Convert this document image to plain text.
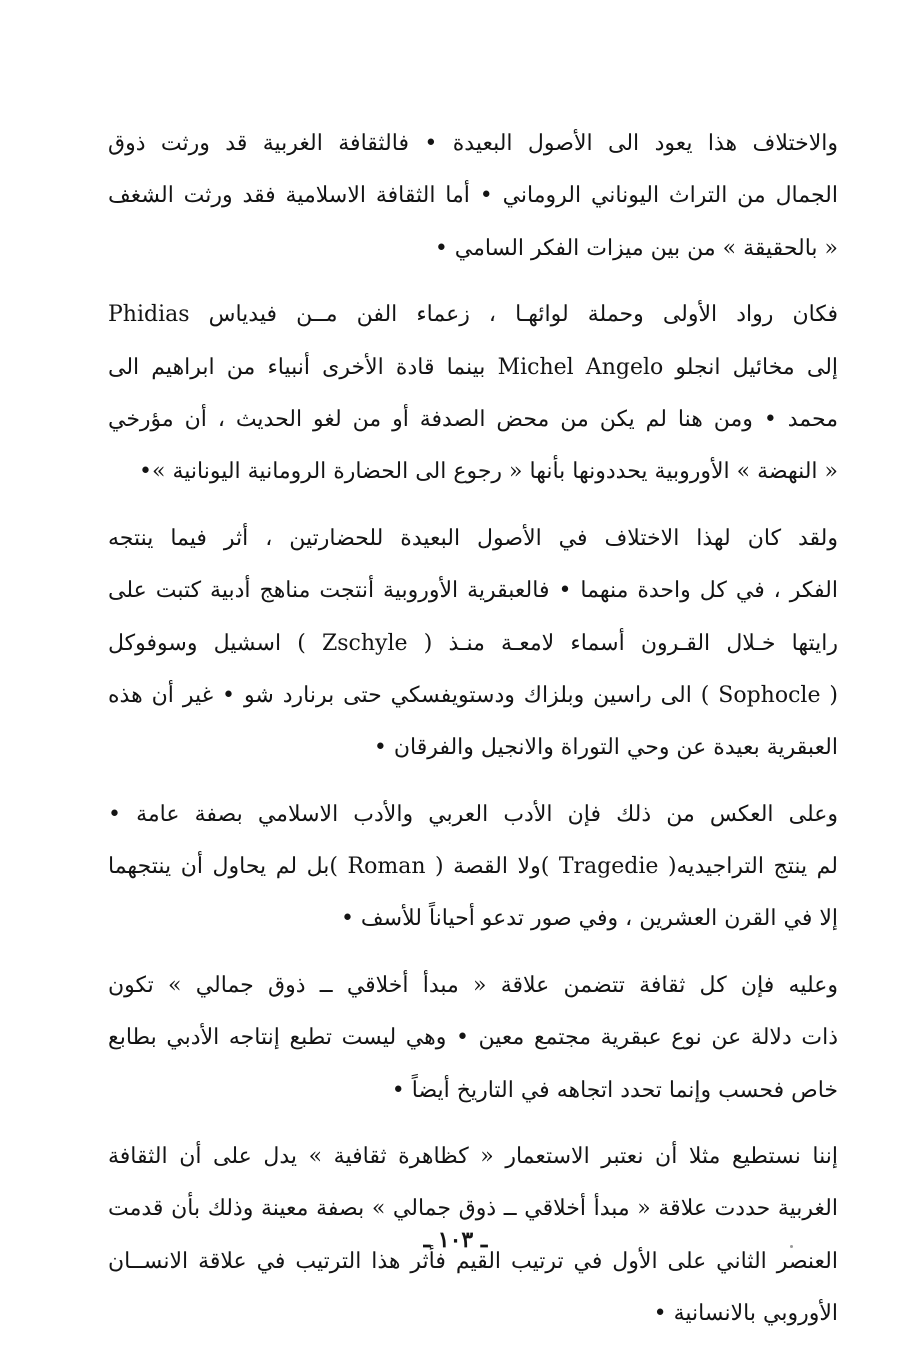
والاختلاف هذا يعود الى الأصول البعيدة • فالثقافة الغربية قد ورثت ذوق
الجمال من التراث اليوناني الروماني • أما الثقافة الاسلامية فقد ورثت الشغف
« بالحقيقة » من بين ميزات الفكر السامي •
فكان رواد الأولى وحملة لوائهـا ، زعماء الفن مــن فيدياس Phidias
إلى مخائيل انجلو Michel Angelo بينما قادة الأخرى أنبياء من ابراهيم الى
محمد • ومن هنا لم يكن من محض الصدفة أو من لغو الحديث ، أن مؤرخي
« النهضة » الأوروبية يحددونها بأنها « رجوع الى الحضارة الرومانية اليونانية »•
ولقد كان لهذا الاختلاف في الأصول البعيدة للحضارتين ، أثر فيما ينتجه
الفكر ، في كل واحدة منهما • فالعبقرية الأوروبية أنتجت مناهج أدبية كتبت على
رايتها خـلال القـرون أسماء لامعـة منـذ ( Zschyle ) اسشيل وسوفوكل
( Sophocle ) الى راسين وبلزاك ودستويفسكي حتى برنارد شو • غير أن هذه
العبقرية بعيدة عن وحي التوراة والانجيل والفرقان •
وعلى العكس من ذلك فإن الأدب العربي والأدب الاسلامي بصفة عامة •
لم ينتج التراجيديه( Tragedie )ولا القصة ( Roman )بل لم يحاول أن ينتجهما
إلا في القرن العشرين ، وفي صور تدعو أحياناً للأسف •
وعليه فإن كل ثقافة تتضمن علاقة « مبدأ أخلاقي ــ ذوق جمالي » تكون
ذات دلالة عن نوع عبقرية مجتمع معين • وهي ليست تطبع إنتاجه الأدبي بطابع
خاص فحسب وإنما تحدد اتجاهه في التاريخ أيضاً •
إننا نستطيع مثلا أن نعتبر الاستعمار « كظاهرة ثقافية » يدل على أن الثقافة
الغربية حددت علاقة « مبدأ أخلاقي ــ ذوق جمالي » بصفة معينة وذلك بأن قدمت
العنصر الثاني على الأول في ترتيب القيم فأثر هذا الترتيب في علاقة الانســان
الأوروبي بالانسانية •
ـ ١٠٣ ـ
